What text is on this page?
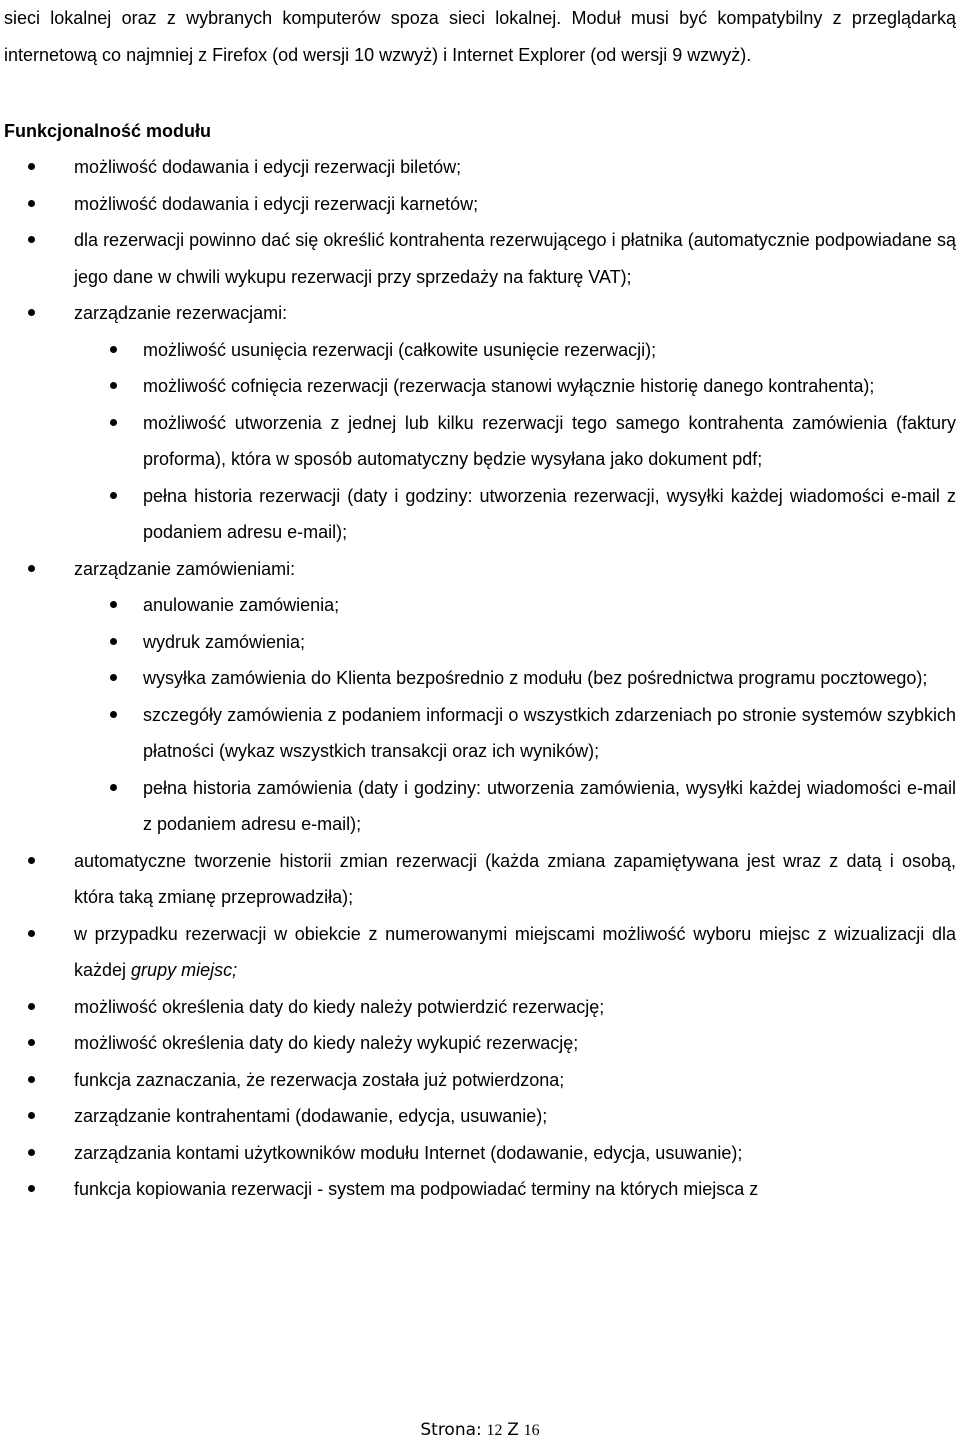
sieci lokalnej oraz z wybranych komputerów spoza sieci lokalnej. Moduł musi być kompatybilny z przeglądarką internetową co najmniej z Firefox (od wersji 10 wzwyż) i Internet Explorer (od wersji 9 wzwyż).

Funkcjonalność modułu
możliwość dodawania i edycji rezerwacji biletów;
możliwość dodawania i edycji rezerwacji karnetów;
dla rezerwacji powinno dać się określić kontrahenta rezerwującego i płatnika (automatycznie podpowiadane są jego dane w chwili wykupu rezerwacji przy sprzedaży na fakturę VAT);
zarządzanie rezerwacjami:
możliwość usunięcia rezerwacji (całkowite usunięcie rezerwacji);
możliwość cofnięcia rezerwacji (rezerwacja stanowi wyłącznie historię danego kontrahenta);
możliwość utworzenia z jednej lub kilku rezerwacji tego samego kontrahenta zamówienia (faktury proforma), która w sposób automatyczny będzie wysyłana jako dokument pdf;
pełna historia rezerwacji (daty i godziny: utworzenia rezerwacji, wysyłki każdej wiadomości e-mail z podaniem adresu e-mail);
zarządzanie zamówieniami:
anulowanie zamówienia;
wydruk zamówienia;
wysyłka zamówienia do Klienta bezpośrednio z modułu (bez pośrednictwa programu pocztowego);
szczegóły zamówienia z podaniem informacji o wszystkich zdarzeniach po stronie systemów szybkich płatności (wykaz wszystkich transakcji oraz ich wyników);
pełna historia zamówienia (daty i godziny: utworzenia zamówienia, wysyłki każdej wiadomości e-mail z podaniem adresu e-mail);
automatyczne tworzenie historii zmian rezerwacji (każda zmiana zapamiętywana jest wraz z datą i osobą, która taką zmianę przeprowadziła);
w przypadku rezerwacji w obiekcie z numerowanymi miejscami możliwość wyboru miejsc z wizualizacji dla każdej grupy miejsc;
możliwość określenia daty do kiedy należy potwierdzić rezerwację;
możliwość określenia daty do kiedy należy wykupić rezerwację;
funkcja zaznaczania, że rezerwacja została już potwierdzona;
zarządzanie kontrahentami (dodawanie, edycja, usuwanie);
zarządzania kontami użytkowników modułu Internet (dodawanie, edycja, usuwanie);
funkcja kopiowania rezerwacji - system ma podpowiadać terminy na których miejsca z
Strona: 12 Z 16
